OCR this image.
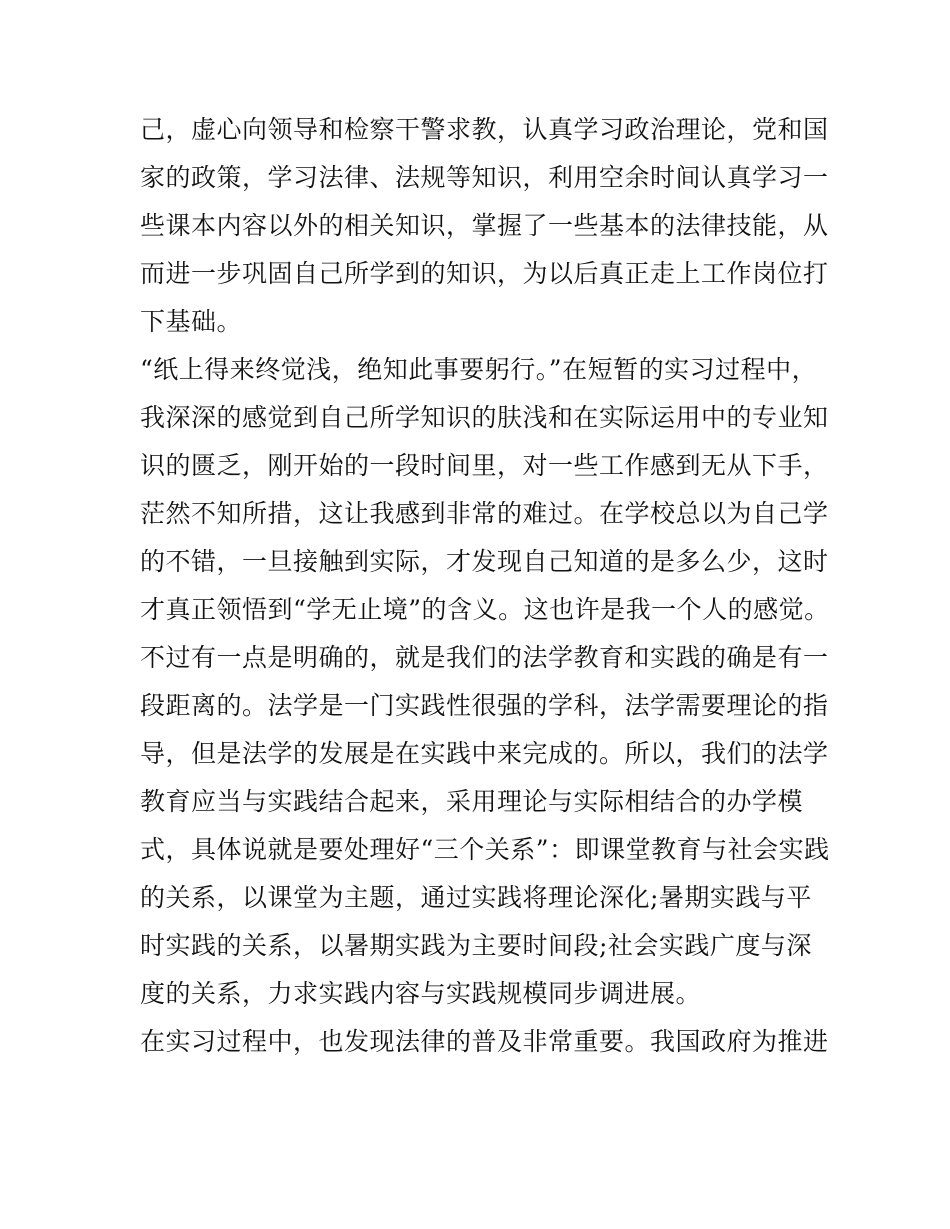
己，虚心向领导和检察干警求教，认真学习政治理论，党和国
家的政策，学习法律、法规等知识，利用空余时间认真学习一
些课本内容以外的相关知识，掌握了一些基本的法律技能，从
而进一步巩固自己所学到的知识，为以后真正走上工作岗位打
下基础。
“纸上得来终觉浅，绝知此事要躬行。”在短暂的实习过程中，
我深深的感觉到自己所学知识的肤浅和在实际运用中的专业知
识的匮乏，刚开始的一段时间里，对一些工作感到无从下手，
茫然不知所措，这让我感到非常的难过。在学校总以为自己学
的不错，一旦接触到实际，才发现自己知道的是多么少，这时
才真正领悟到“学无止境”的含义。这也许是我一个人的感觉。
不过有一点是明确的，就是我们的法学教育和实践的确是有一
段距离的。法学是一门实践性很强的学科，法学需要理论的指
导，但是法学的发展是在实践中来完成的。所以，我们的法学
教育应当与实践结合起来，采用理论与实际相结合的办学模
式，具体说就是要处理好“三个关系”：即课堂教育与社会实践
的关系，以课堂为主题，通过实践将理论深化;暑期实践与平
时实践的关系，以暑期实践为主要时间段;社会实践广度与深
度的关系，力求实践内容与实践规模同步调进展。
在实习过程中，也发现法律的普及非常重要。我国政府为推进
